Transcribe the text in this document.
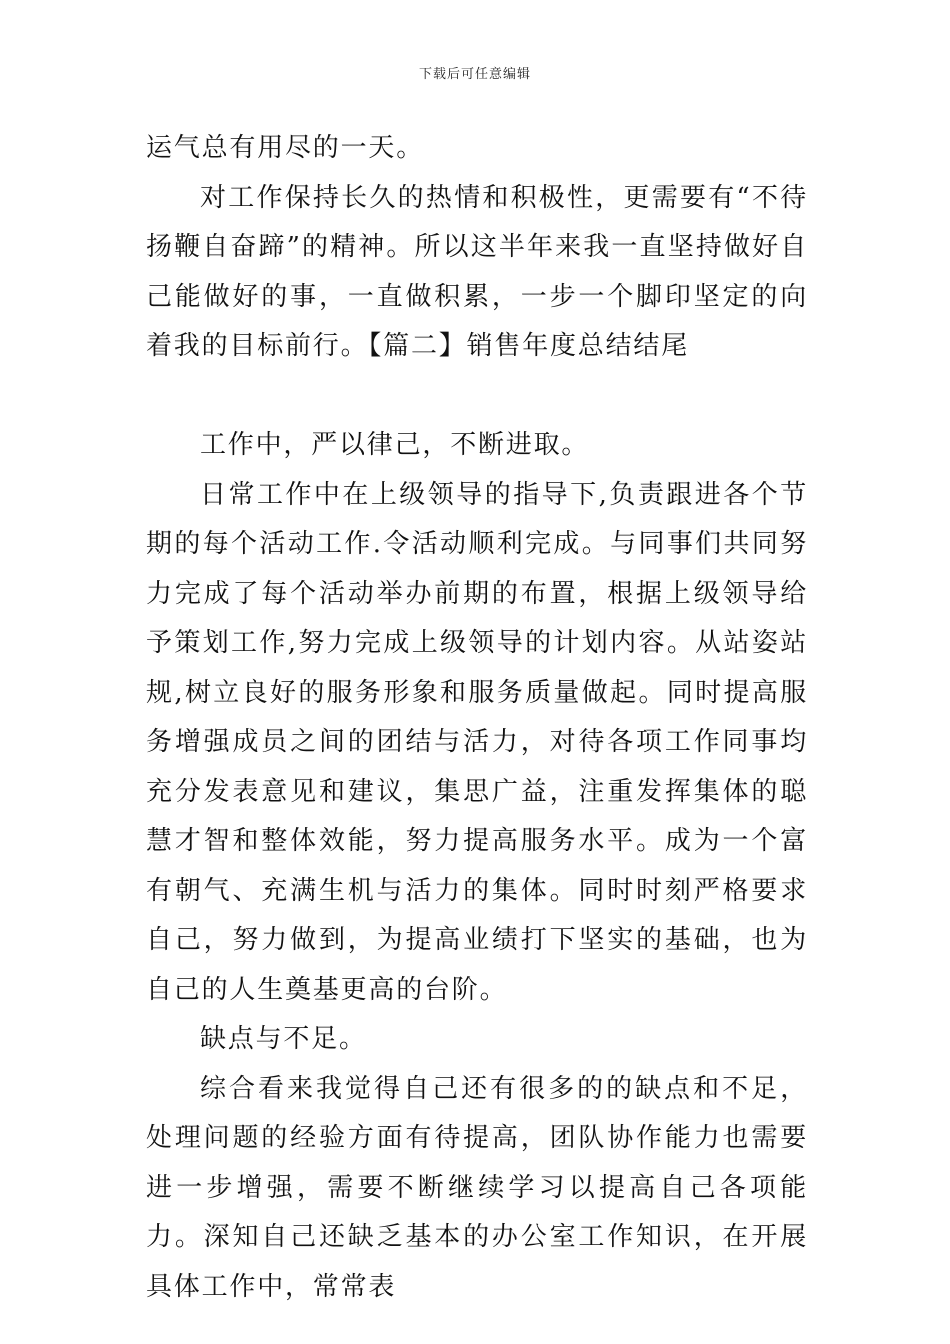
下载后可任意编辑

运气总有用尽的一天。

对工作保持长久的热情和积极性，更需要有“不待扬鞭自奋蹄”的精神。所以这半年来我一直坚持做好自己能做好的事，一直做积累，一步一个脚印坚定的向着我的目标前行。【篇二】销售年度总结结尾

工作中，严以律己，不断进取。

日常工作中在上级领导的指导下,负责跟进各个节期的每个活动工作.令活动顺利完成。与同事们共同努力完成了每个活动举办前期的布置，根据上级领导给予策划工作,努力完成上级领导的计划内容。从站姿站规,树立良好的服务形象和服务质量做起。同时提高服务增强成员之间的团结与活力，对待各项工作同事均充分发表意见和建议，集思广益，注重发挥集体的聪慧才智和整体效能，努力提高服务水平。成为一个富有朝气、充满生机与活力的集体。同时时刻严格要求自己，努力做到，为提高业绩打下坚实的基础，也为自己的人生奠基更高的台阶。

缺点与不足。

综合看来我觉得自己还有很多的的缺点和不足，处理问题的经验方面有待提高，团队协作能力也需要进一步增强，需要不断继续学习以提高自己各项能力。深知自己还缺乏基本的办公室工作知识，在开展具体工作中，常常表
